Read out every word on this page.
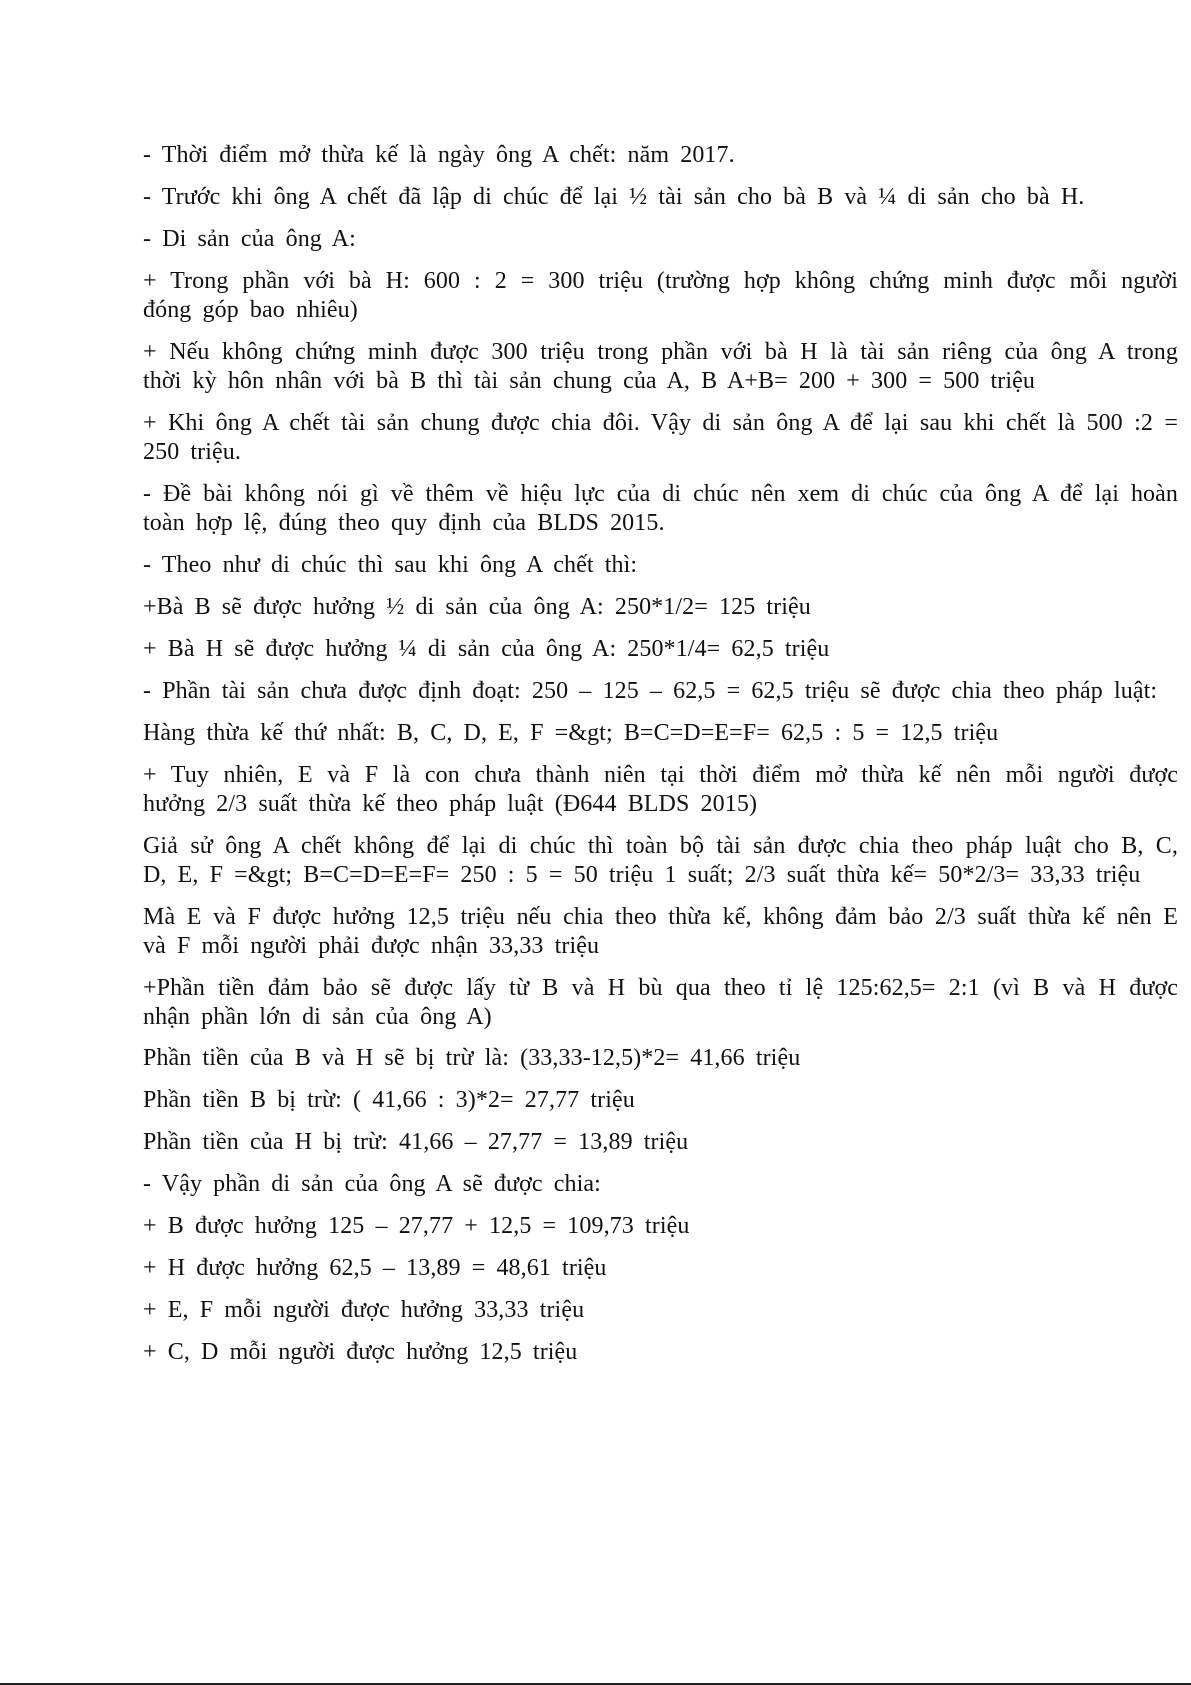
- Thời điểm mở thừa kế là ngày ông A chết: năm 2017.

- Trước khi ông A chết đã lập di chúc để lại ½ tài sản cho bà B và ¼ di sản cho bà H.

- Di sản của ông A:

+ Trong phần với bà H: 600 : 2 = 300 triệu (trường hợp không chứng minh được mỗi người đóng góp bao nhiêu)

+ Nếu không chứng minh được 300 triệu trong phần với bà H là tài sản riêng của ông A trong thời kỳ hôn nhân với bà B thì tài sản chung của A, B A+B= 200 + 300 = 500 triệu

+ Khi ông A chết tài sản chung được chia đôi. Vậy di sản ông A để lại sau khi chết là 500 :2 = 250 triệu.

- Đề bài không nói gì về thêm về hiệu lực của di chúc nên xem di chúc của ông A để lại hoàn toàn hợp lệ, đúng theo quy định của BLDS 2015.

- Theo như di chúc thì sau khi ông A chết thì:

+Bà B sẽ được hưởng ½ di sản của ông A: 250*1/2= 125 triệu

+ Bà H sẽ được hưởng ¼ di sản của ông A: 250*1/4= 62,5 triệu

- Phần tài sản chưa được định đoạt: 250 – 125 – 62,5 = 62,5 triệu sẽ được chia theo pháp luật:

Hàng thừa kế thứ nhất: B, C, D, E, F =&gt; B=C=D=E=F= 62,5 : 5 = 12,5 triệu

+ Tuy nhiên, E và F là con chưa thành niên tại thời điểm mở thừa kế nên mỗi người được hưởng 2/3 suất thừa kế theo pháp luật (Đ644 BLDS 2015)

Giả sử ông A chết không để lại di chúc thì toàn bộ tài sản được chia theo pháp luật cho B, C, D, E, F =&gt; B=C=D=E=F= 250 : 5 = 50 triệu 1 suất; 2/3 suất thừa kế= 50*2/3= 33,33 triệu

Mà E và F được hưởng 12,5 triệu nếu chia theo thừa kế, không đảm bảo 2/3 suất thừa kế nên E và F mỗi người phải được nhận 33,33 triệu

+Phần tiền đảm bảo sẽ được lấy từ B và H bù qua theo tỉ lệ 125:62,5= 2:1 (vì B và H được nhận phần lớn di sản của ông A)

Phần tiền của B và H sẽ bị trừ là: (33,33-12,5)*2= 41,66 triệu

Phần tiền B bị trừ: ( 41,66 : 3)*2= 27,77 triệu

Phần tiền của H bị trừ: 41,66 – 27,77 = 13,89 triệu

- Vậy phần di sản của ông A sẽ được chia:

+ B được hưởng 125 – 27,77 + 12,5 = 109,73 triệu

+ H được hưởng 62,5 – 13,89 = 48,61 triệu

+ E, F mỗi người được hưởng 33,33 triệu

+ C, D mỗi người được hưởng 12,5 triệu
